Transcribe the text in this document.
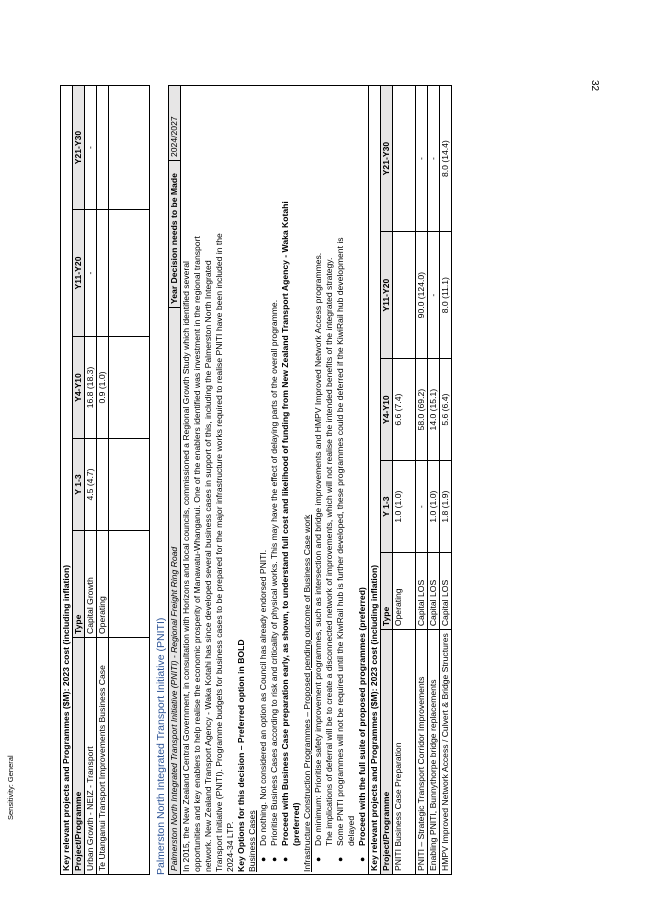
Sensitivity: General
32
Key relevant projects and Programmes ($M): 2023 cost (including inflation)					
Project/Programme	Type	Y 1-3	Y4-Y10	Y11-Y20	Y21-Y30
Urban Growth - NEIZ - Transport	Capital Growth	4.5 (4.7)	16.8 (18.3)	-	-
Te Utanganui Transport Improvements Business Case	Operating		0.9 (1.0)		

Palmerston North Integrated Transport Initiative (PNITI) Palmerston North Integrated Transport Initiative (PNITI) - Regional Freight Ring Road	Year Decision needs to be Made	2024/2027

In 2015, the New Zealand Central Government, in consultation with Horizons and local councils, commissioned a Regional Growth Study which identified several opportunities and key enablers to help realise the economic prosperity of Manawatu-Whanganui. One of the enablers identified was investment in the regional transport network. New Zealand Transport Agency - Waka Kotahi has since developed several business cases in support of this, including the Palmerston North Integrated Transport Initiative (PNITI). Programme budgets for business cases to be prepared for the major infrastructure works required to realise PNITI have been included in the 2024-34 LTP. Key Options for this decision – Preferred option in BOLD Business Cases ●
Do nothing. Not considered an option as Council has already endorsed PNITI.
●
Prioritise Business Cases according to risk and criticality of physical works. This may have the effect of delaying parts of the overall programme.
●
Proceed with Business Case preparation early, as shown, to understand full cost and likelihood of funding from New Zealand Transport Agency - Waka Kotahi (preferred) Infrastructure Construction Programmes – Proposed pending outcome of Business Case work ●
Do minimum: Prioritise safety improvement programmes, such as intersection and bridge improvements and HMPV Improved Network Access programmes. The implications of deferral will be to create a disconnected network of improvements, which will not realise the intended benefits of the integrated strategy.
●
Some PNITI programmes will not be required until the KiwiRail hub is further developed, these programmes could be deferred if the KiwiRail hub development is delayed
●
Proceed with the full suite of proposed programmes (preferred) Key relevant projects and Programmes ($M): 2023 cost (including inflation)Project/Programme	Type	Y 1-3	Y4-Y10	Y11-Y20	Y21-Y30
PNITI Business Case Preparation	Operating	1.0 (1.0)	6.6 (7.4)		
PNITI – Strategic Transport Corridor Improvements	Capital LOS	-	58.0 (69.2)	90.0 (124.0)	-
Enabling PNITI, Bunnythorpe bridge replacements	Capital LOS	1.0 (1.0)	14.0 (15.1)	-	-
HMPV Improved Network Access / Culvert & Bridge Structures	Capital LOS	1.8 (1.9)	5.6 (6.4)	8.0 (11.1)	8.0 (14.4)
